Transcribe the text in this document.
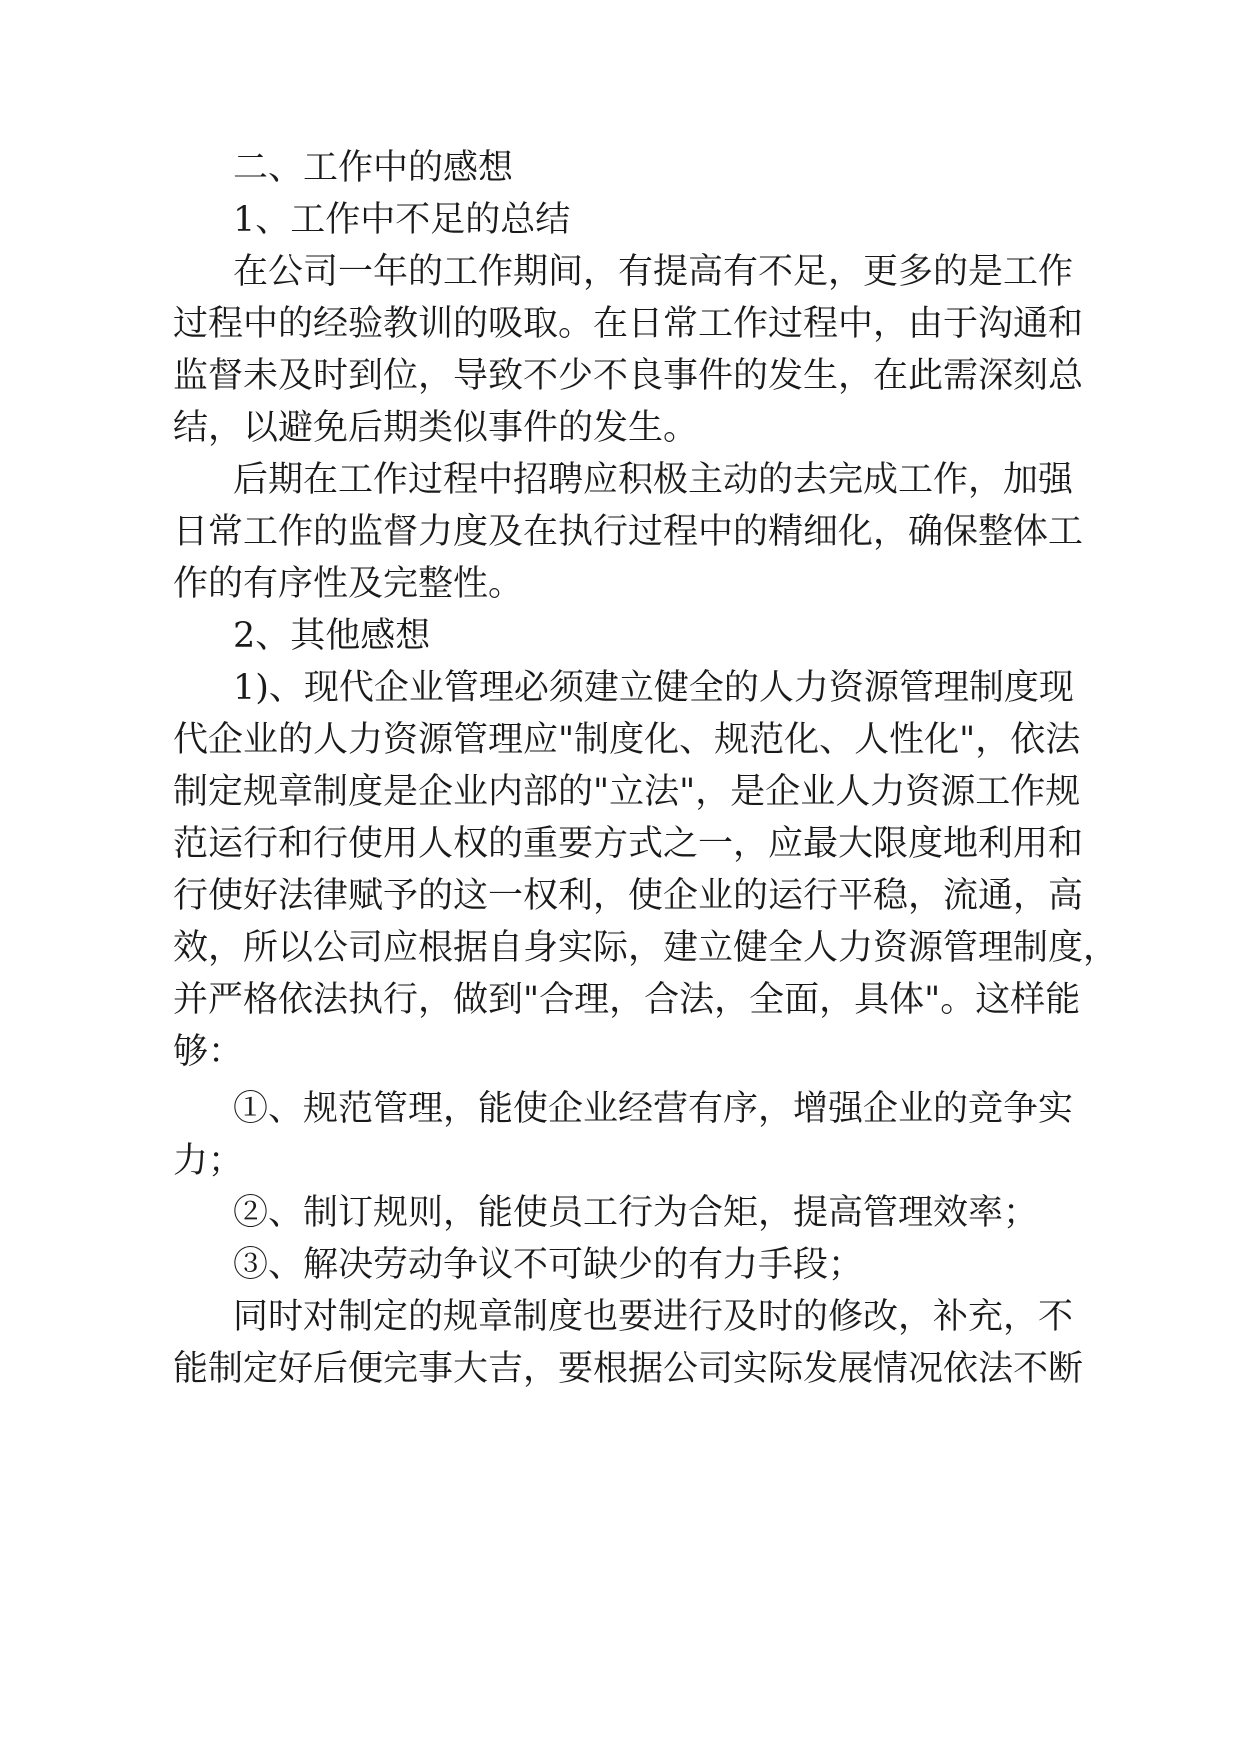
二、工作中的感想
1、工作中不足的总结
在公司一年的工作期间，有提高有不足，更多的是工作
过程中的经验教训的吸取。在日常工作过程中，由于沟通和
监督未及时到位，导致不少不良事件的发生，在此需深刻总
结，以避免后期类似事件的发生。
后期在工作过程中招聘应积极主动的去完成工作，加强
日常工作的监督力度及在执行过程中的精细化，确保整体工
作的有序性及完整性。
2、其他感想
1)、现代企业管理必须建立健全的人力资源管理制度现
代企业的人力资源管理应"制度化、规范化、人性化"，依法
制定规章制度是企业内部的"立法"，是企业人力资源工作规
范运行和行使用人权的重要方式之一，应最大限度地利用和
行使好法律赋予的这一权利，使企业的运行平稳，流通，高
效，所以公司应根据自身实际，建立健全人力资源管理制度，
并严格依法执行，做到"合理，合法，全面，具体"。这样能
够：
①、规范管理，能使企业经营有序，增强企业的竞争实
力；
②、制订规则，能使员工行为合矩，提高管理效率；
③、解决劳动争议不可缺少的有力手段；
同时对制定的规章制度也要进行及时的修改，补充，不
能制定好后便完事大吉，要根据公司实际发展情况依法不断
